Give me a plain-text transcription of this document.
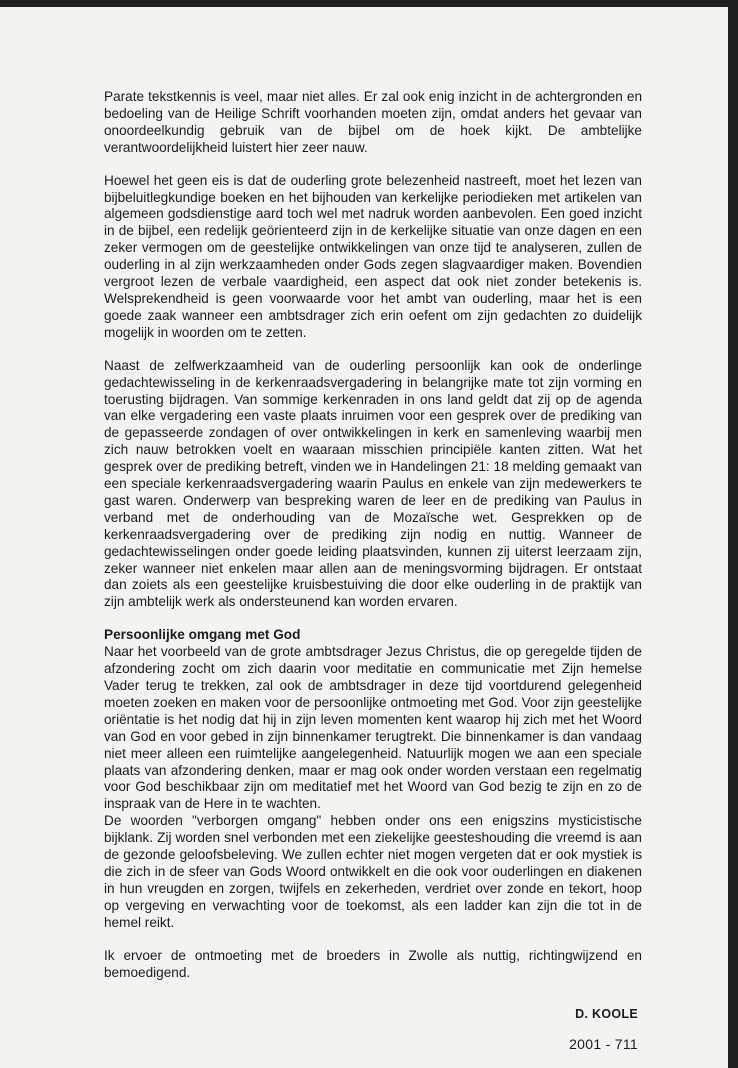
Parate tekstkennis is veel, maar niet alles. Er zal ook enig inzicht in de achtergronden en bedoeling van de Heilige Schrift voorhanden moeten zijn, omdat anders het gevaar van onoordeelkundig gebruik van de bijbel om de hoek kijkt. De ambtelijke verantwoordelijkheid luistert hier zeer nauw.

Hoewel het geen eis is dat de ouderling grote belezenheid nastreeft, moet het lezen van bijbeluitlegkundige boeken en het bijhouden van kerkelijke periodieken met artikelen van algemeen godsdienstige aard toch wel met nadruk worden aanbevolen. Een goed inzicht in de bijbel, een redelijk geörienteerd zijn in de kerkelijke situatie van onze dagen en een zeker vermogen om de geestelijke ontwikkelingen van onze tijd te analyseren, zullen de ouderling in al zijn werkzaamheden onder Gods zegen slagvaardiger maken. Bovendien vergroot lezen de verbale vaardigheid, een aspect dat ook niet zonder betekenis is. Welsprekendheid is geen voorwaarde voor het ambt van ouderling, maar het is een goede zaak wanneer een ambtsdrager zich erin oefent om zijn gedachten zo duidelijk mogelijk in woorden om te zetten.

Naast de zelfwerkzaamheid van de ouderling persoonlijk kan ook de onderlinge gedachtewisseling in de kerkenraadsvergadering in belangrijke mate tot zijn vorming en toerusting bijdragen. Van sommige kerkenraden in ons land geldt dat zij op de agenda van elke vergadering een vaste plaats inruimen voor een gesprek over de prediking van de gepasseerde zondagen of over ontwikkelingen in kerk en samenleving waarbij men zich nauw betrokken voelt en waaraan misschien principiële kanten zitten. Wat het gesprek over de prediking betreft, vinden we in Handelingen 21: 18 melding gemaakt van een speciale kerkenraadsvergadering waarin Paulus en enkele van zijn medewerkers te gast waren. Onderwerp van bespreking waren de leer en de prediking van Paulus in verband met de onderhouding van de Mozaïsche wet. Gesprekken op de kerkenraadsvergadering over de prediking zijn nodig en nuttig. Wanneer de gedachtewisselingen onder goede leiding plaatsvinden, kunnen zij uiterst leerzaam zijn, zeker wanneer niet enkelen maar allen aan de meningsvorming bijdragen. Er ontstaat dan zoiets als een geestelijke kruisbestuiving die door elke ouderling in de praktijk van zijn ambtelijk werk als ondersteunend kan worden ervaren.

Persoonlijke omgang met God

Naar het voorbeeld van de grote ambtsdrager Jezus Christus, die op geregelde tijden de afzondering zocht om zich daarin voor meditatie en communicatie met Zijn hemelse Vader terug te trekken, zal ook de ambtsdrager in deze tijd voortdurend gelegenheid moeten zoeken en maken voor de persoonlijke ontmoeting met God. Voor zijn geestelijke oriëntatie is het nodig dat hij in zijn leven momenten kent waarop hij zich met het Woord van God en voor gebed in zijn binnenkamer terugtrekt. Die binnenkamer is dan vandaag niet meer alleen een ruimtelijke aangelegenheid. Natuurlijk mogen we aan een speciale plaats van afzondering denken, maar er mag ook onder worden verstaan een regelmatig voor God beschikbaar zijn om meditatief met het Woord van God bezig te zijn en zo de inspraak van de Here in te wachten.

De woorden "verborgen omgang" hebben onder ons een enigszins mysticistische bijklank. Zij worden snel verbonden met een ziekelijke geesteshouding die vreemd is aan de gezonde geloofsbeleving. We zullen echter niet mogen vergeten dat er ook mystiek is die zich in de sfeer van Gods Woord ontwikkelt en die ook voor ouderlingen en diakenen in hun vreugden en zorgen, twijfels en zekerheden, verdriet over zonde en tekort, hoop op vergeving en verwachting voor de toekomst, als een ladder kan zijn die tot in de hemel reikt.

Ik ervoer de ontmoeting met de broeders in Zwolle als nuttig, richtingwijzend en bemoedigend.

D. KOOLE
2001 - 711
